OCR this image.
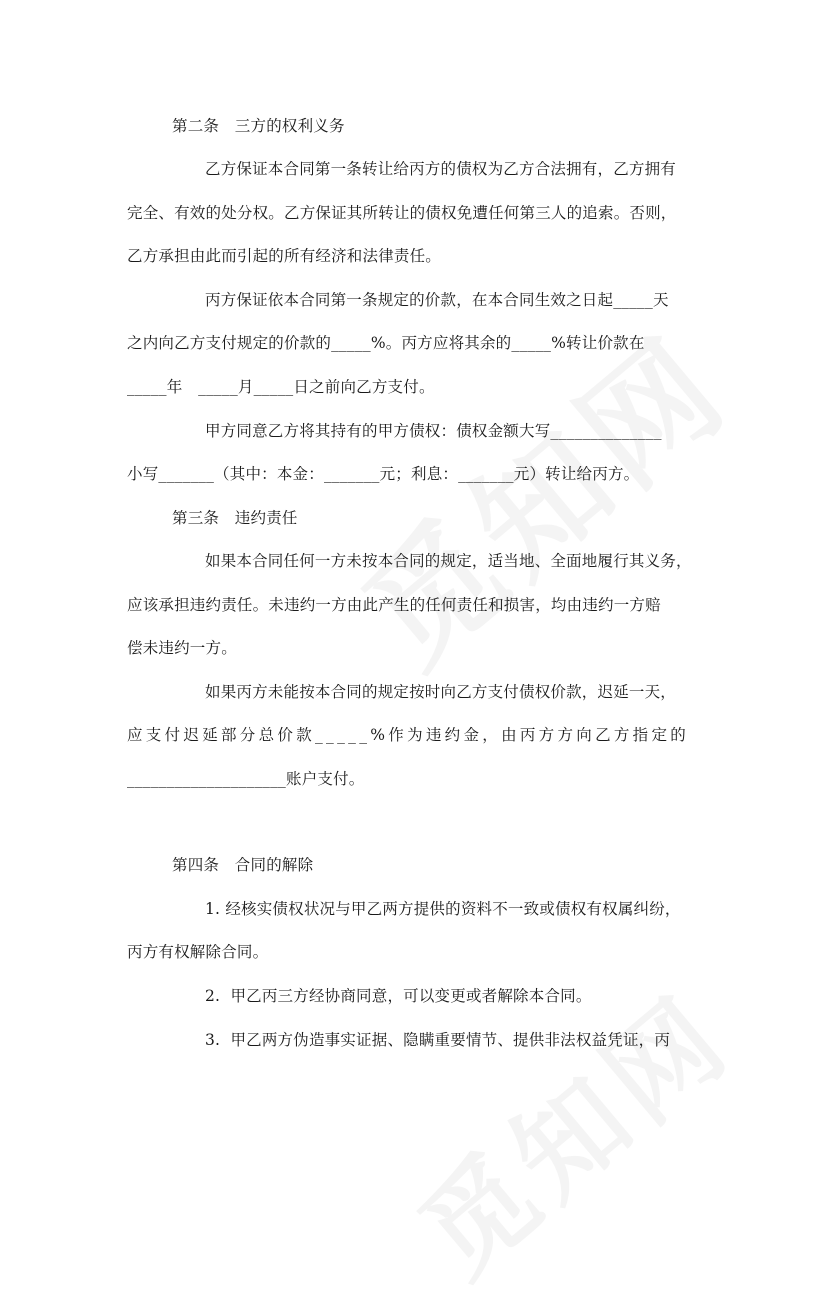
第二条　三方的权利义务
乙方保证本合同第一条转让给丙方的债权为乙方合法拥有，乙方拥有
完全、有效的处分权。乙方保证其所转让的债权免遭任何第三人的追索。否则，
乙方承担由此而引起的所有经济和法律责任。
丙方保证依本合同第一条规定的价款，在本合同生效之日起_____天
之内向乙方支付规定的价款的_____%。丙方应将其余的_____%转让价款在
_____年　_____月_____日之前向乙方支付。
甲方同意乙方将其持有的甲方债权：债权金额大写______________
小写_______（其中：本金：_______元；利息：_______元）转让给丙方。
第三条　违约责任
如果本合同任何一方未按本合同的规定，适当地、全面地履行其义务，
应该承担违约责任。未违约一方由此产生的任何责任和损害，均由违约一方赔
偿未违约一方。
如果丙方未能按本合同的规定按时向乙方支付债权价款，迟延一天，
应支付迟延部分总价款_____%作为违约金，由丙方方向乙方指定的
____________________账户支付。
第四条　合同的解除
1. 经核实债权状况与甲乙两方提供的资料不一致或债权有权属纠纷，
丙方有权解除合同。
2.  甲乙丙三方经协商同意，可以变更或者解除本合同。
3.  甲乙两方伪造事实证据、隐瞒重要情节、提供非法权益凭证，丙
